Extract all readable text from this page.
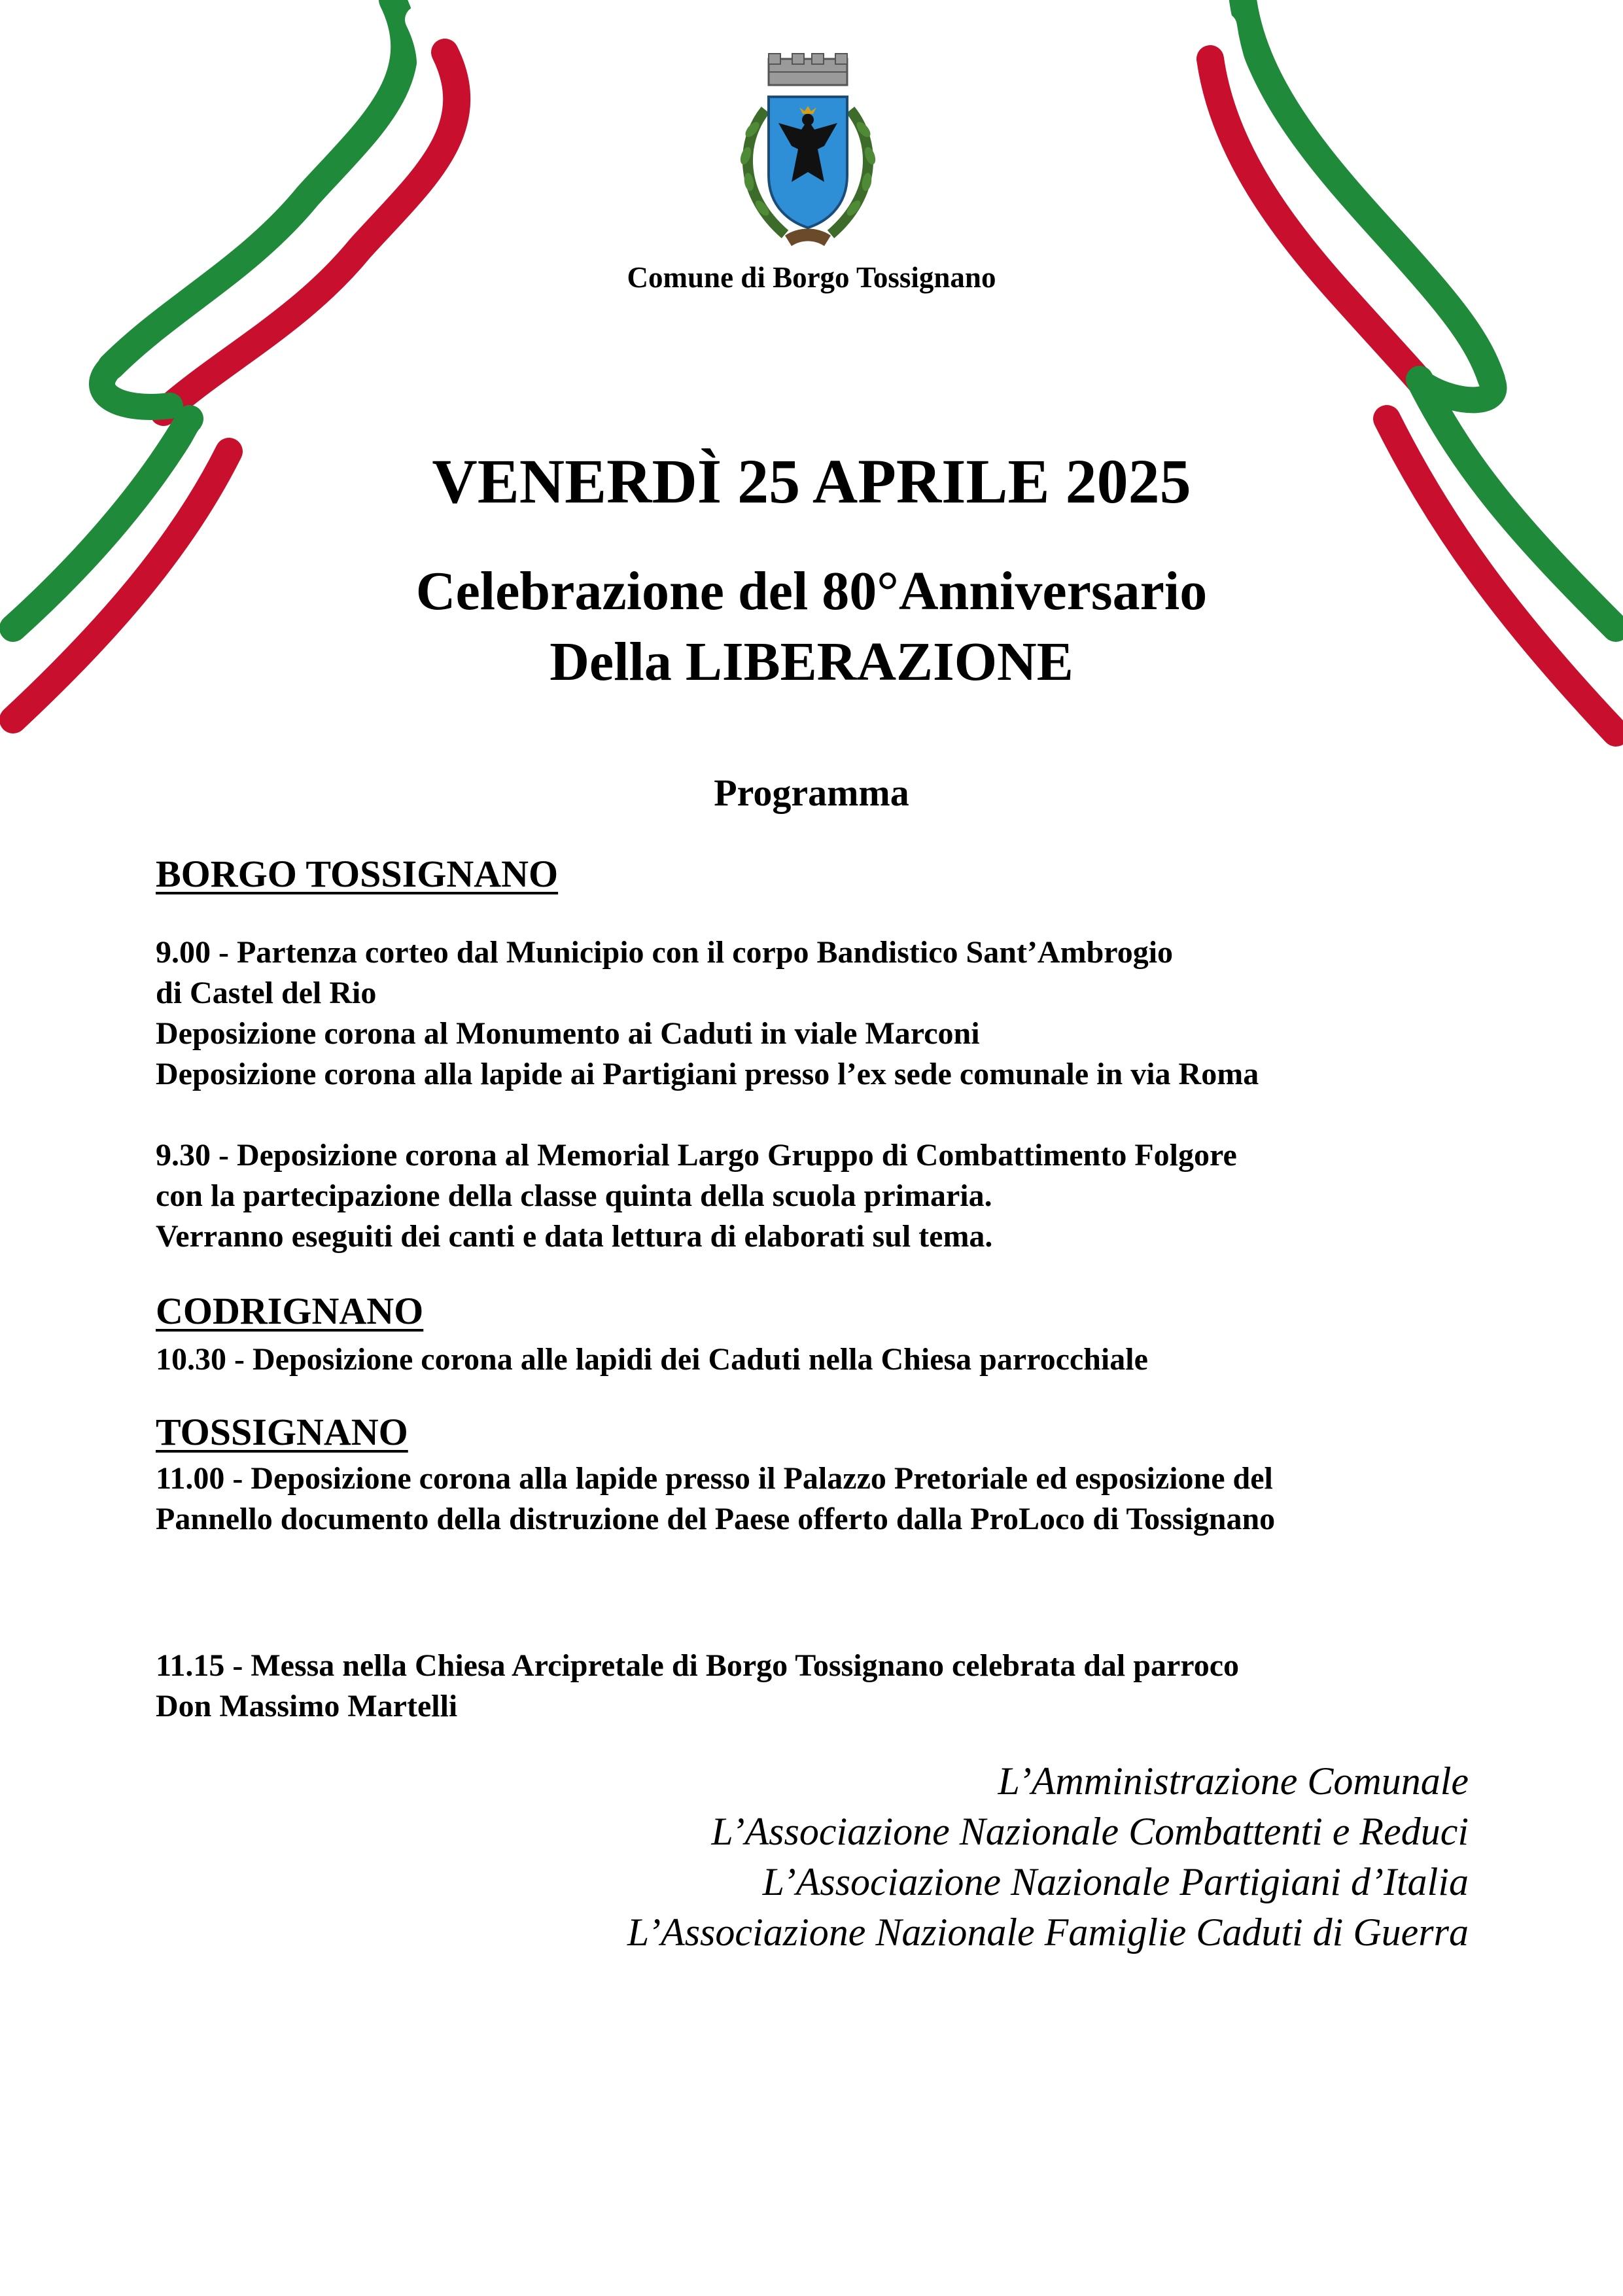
Comune di Borgo Tossignano
VENERDÌ 25 APRILE 2025
Celebrazione del 80°Anniversario
Della LIBERAZIONE
Programma
BORGO TOSSIGNANO
9.00 - Partenza corteo dal Municipio con il corpo Bandistico Sant’Ambrogio
di Castel del Rio
Deposizione corona al Monumento ai Caduti in viale Marconi
Deposizione corona alla lapide ai Partigiani presso l’ex sede comunale in via Roma
9.30 - Deposizione corona al Memorial Largo Gruppo di Combattimento Folgore
con la partecipazione della classe quinta della scuola primaria.
Verranno eseguiti dei canti e data lettura di elaborati sul tema.
CODRIGNANO
10.30 - Deposizione corona alle lapidi dei Caduti nella Chiesa parrocchiale
TOSSIGNANO
11.00 - Deposizione corona alla lapide presso il Palazzo Pretoriale ed esposizione del
Pannello documento della distruzione del Paese offerto dalla ProLoco di Tossignano
11.15 - Messa nella Chiesa Arcipretale di Borgo Tossignano celebrata dal parroco
Don Massimo Martelli
L’Amministrazione Comunale
L’Associazione Nazionale Combattenti e Reduci
L’Associazione Nazionale Partigiani d’Italia
L’Associazione Nazionale Famiglie Caduti di Guerra
